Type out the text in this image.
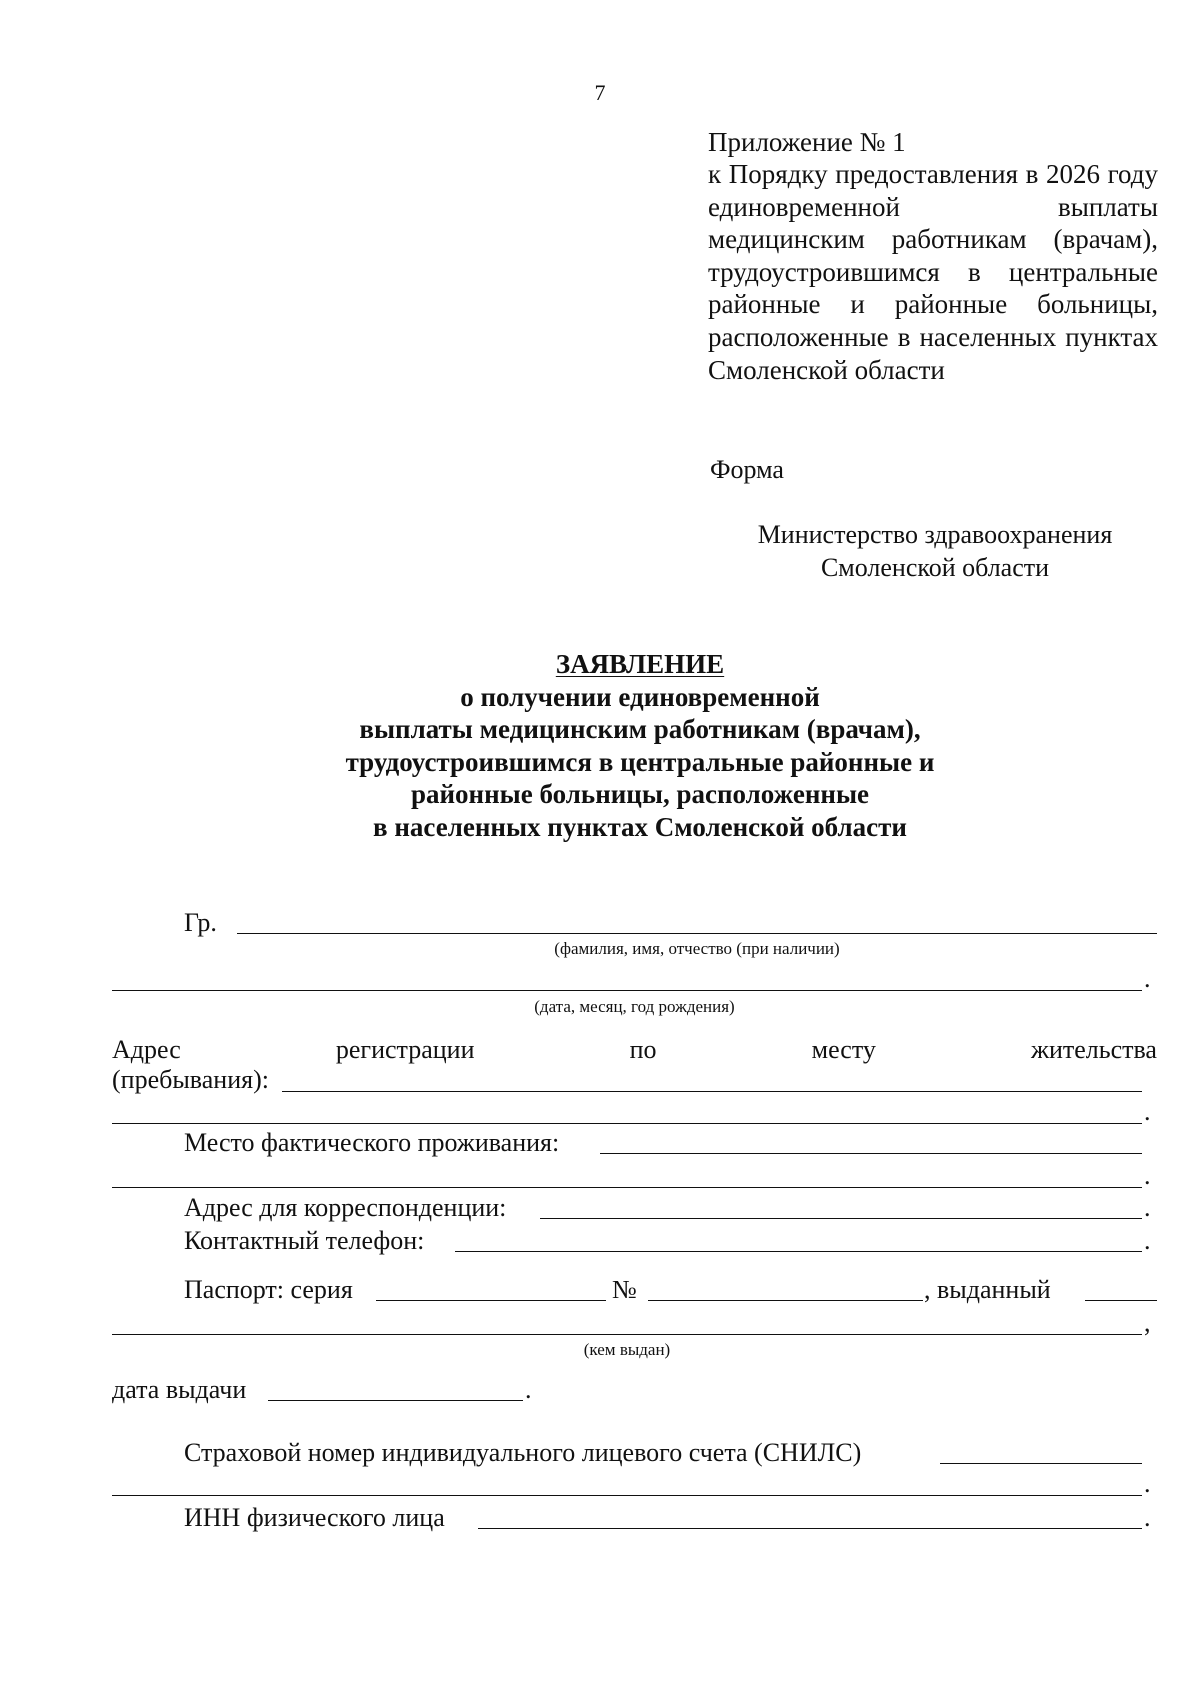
7
Приложение № 1
к Порядку предоставления в 2026 году единовременной выплаты медицинским работникам (врачам), трудоустроившимся в центральные районные и районные больницы, расположенные в населенных пунктах Смоленской области
Форма
Министерство здравоохранения
Смоленской области
ЗАЯВЛЕНИЕ
о получении единовременной
выплаты медицинским работникам (врачам),
трудоустроившимся в центральные районные и
районные больницы, расположенные
в населенных пунктах Смоленской области
Гр.
(фамилия, имя, отчество (при наличии)
.
(дата, месяц, год рождения)
Адрес	регистрации	по	месту	жительства
(пребывания):
.
Место фактического проживания:
.
Адрес для корреспонденции:	.
Контактный телефон:	.
Паспорт: серия	№	, выданный
,
(кем выдан)
дата выдачи	.
Страховой номер индивидуального лицевого счета (СНИЛС)
.
ИНН физического лица	.
